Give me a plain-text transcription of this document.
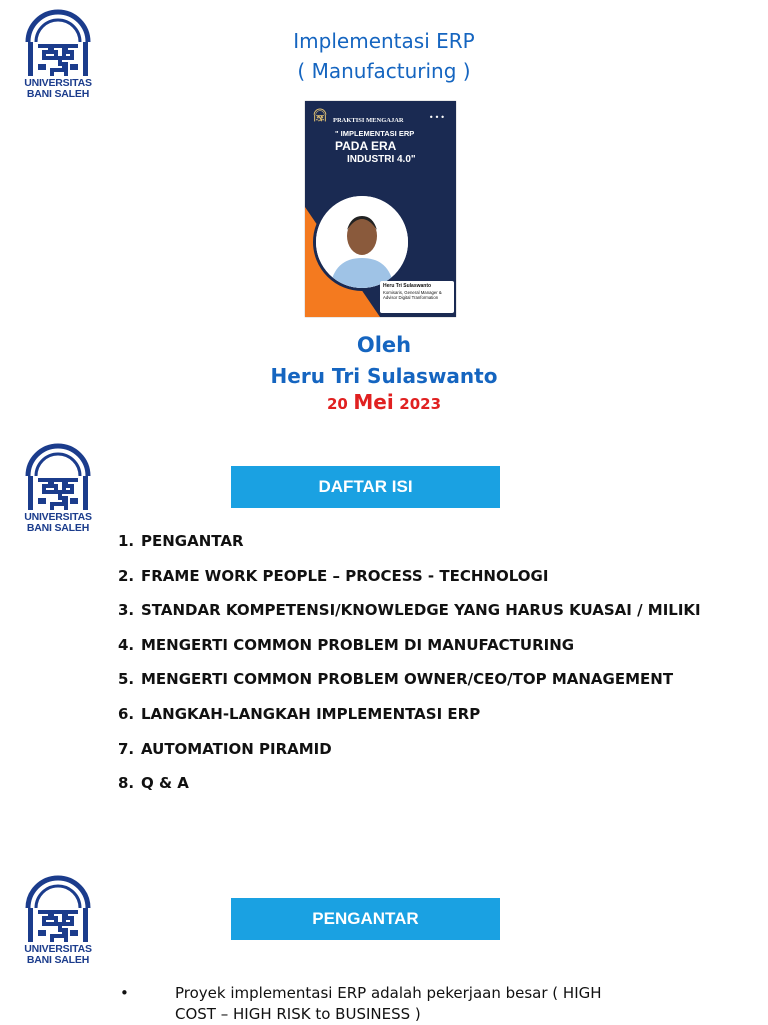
UNIVERSITAS
BANI SALEH
Implementasi ERP
( Manufacturing )
•••
PRAKTISI MENGAJAR
" IMPLEMENTASI ERP
PADA ERA
INDUSTRI 4.0"
Heru Tri Sulaswanto
Komisaris, General Manager & Advisor Digital Tranformation
Oleh
Heru Tri Sulaswanto
20 Mei 2023
UNIVERSITAS
BANI SALEH
DAFTAR ISI
1. PENGANTAR
2. FRAME WORK PEOPLE – PROCESS - TECHNOLOGI
3. STANDAR KOMPETENSI/KNOWLEDGE YANG HARUS KUASAI / MILIKI
4. MENGERTI COMMON PROBLEM DI MANUFACTURING
5. MENGERTI COMMON PROBLEM OWNER/CEO/TOP MANAGEMENT
6. LANGKAH-LANGKAH IMPLEMENTASI ERP
7. AUTOMATION PIRAMID
8. Q & A
UNIVERSITAS
BANI SALEH
PENGANTAR
•	Proyek implementasi ERP adalah pekerjaan besar ( HIGH COST – HIGH RISK to BUSINESS )
